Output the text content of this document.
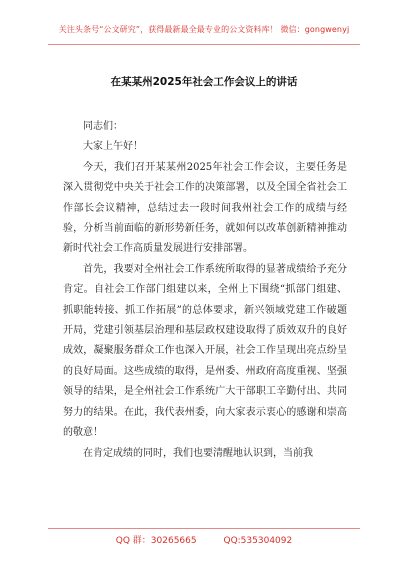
关注头条号“公文研究”，获得最新最全最专业的公文资料库！ 微信：gongwenyj
在某某州2025年社会工作会议上的讲话

同志们：

大家上午好！

今天，我们召开某某州2025年社会工作会议，主要任务是深入贯彻党中央关于社会工作的决策部署，以及全国全省社会工作部长会议精神，总结过去一段时间我州社会工作的成绩与经验，分析当前面临的新形势新任务，就如何以改革创新精神推动新时代社会工作高质量发展进行安排部署。

首先，我要对全州社会工作系统所取得的显著成绩给予充分肯定。自社会工作部门组建以来，全州上下围绕“抓部门组建、抓职能转接、抓工作拓展”的总体要求，新兴领域党建工作破题开局，党建引领基层治理和基层政权建设取得了质效双升的良好成效，凝聚服务群众工作也深入开展，社会工作呈现出亮点纷呈的良好局面。这些成绩的取得，是州委、州政府高度重视、坚强领导的结果，是全州社会工作系统广大干部职工辛勤付出、共同努力的结果。在此，我代表州委，向大家表示衷心的感谢和崇高的敬意！

在肯定成绩的同时，我们也要清醒地认识到，当前我

QQ 群：30265665	QQ:535304092
